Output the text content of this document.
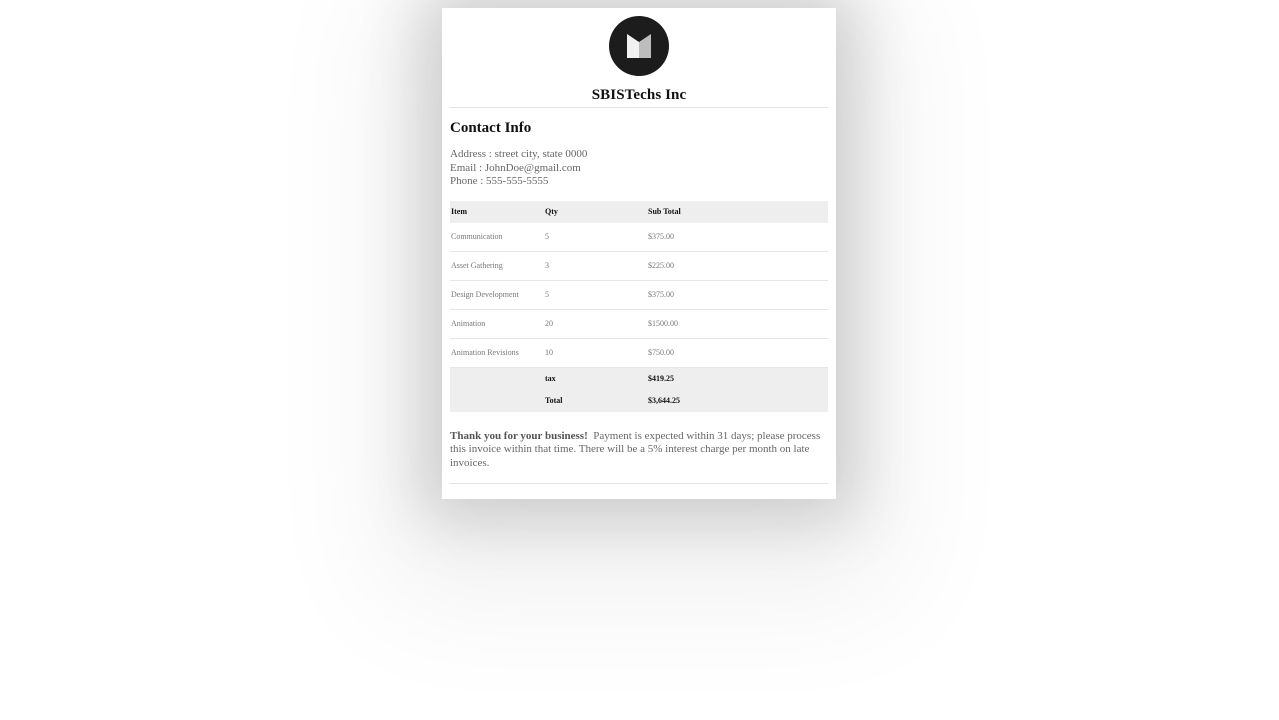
SBISTechs Inc
Contact Info
Address : street city, state 0000
Email : JohnDoe@gmail.com
Phone : 555-555-5555
Item	Qty	Sub Total
Communication	5	$375.00
Asset Gathering	3	$225.00
Design Development	5	$375.00
Animation	20	$1500.00
Animation Revisions	10	$750.00
	tax	$419.25
	Total	$3,644.25
Thank you for your business! Payment is expected within 31 days; please process this invoice within that time. There will be a 5% interest charge per month on late invoices.
